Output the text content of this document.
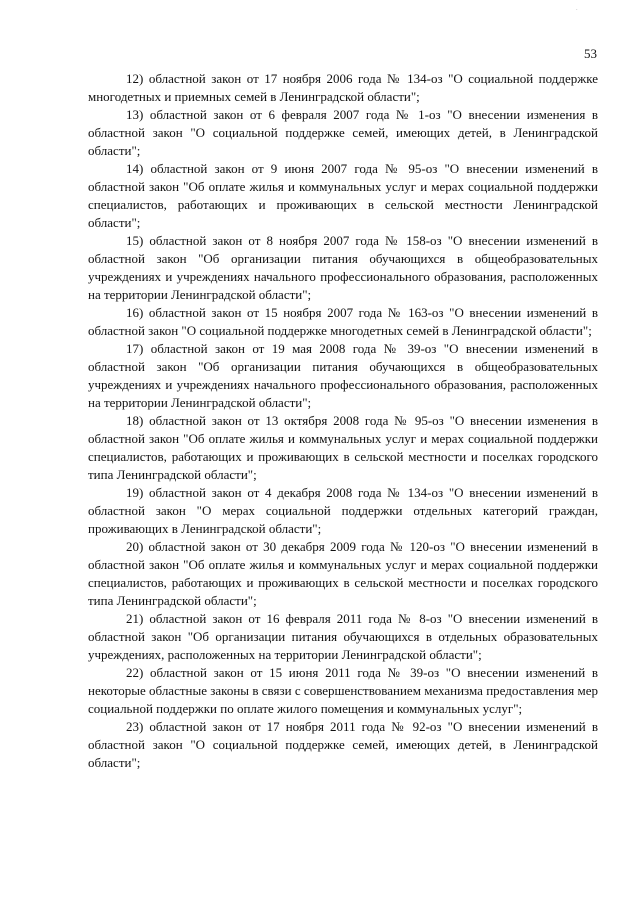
·
53

12) областной закон от 17 ноября 2006 года № 134-оз "О социальной поддержке многодетных и приемных семей в Ленинградской области";

13) областной закон от 6 февраля 2007 года № 1-оз "О внесении изменения в областной закон "О социальной поддержке семей, имеющих детей, в Ленинградской области";

14) областной закон от 9 июня 2007 года № 95-оз "О внесении изменений в областной закон "Об оплате жилья и коммунальных услуг и мерах социальной поддержки специалистов, работающих и проживающих в сельской местности Ленинградской области";

15) областной закон от 8 ноября 2007 года № 158-оз "О внесении изменений в областной закон "Об организации питания обучающихся в общеобразовательных учреждениях и учреждениях начального профессионального образования, расположенных на территории Ленинградской области";

16) областной закон от 15 ноября 2007 года № 163-оз "О внесении изменений в областной закон "О социальной поддержке многодетных семей в Ленинградской области";

17) областной закон от 19 мая 2008 года № 39-оз "О внесении изменений в областной закон "Об организации питания обучающихся в общеобразовательных учреждениях и учреждениях начального профессионального образования, расположенных на территории Ленинградской области";

18) областной закон от 13 октября 2008 года № 95-оз "О внесении изменения в областной закон "Об оплате жилья и коммунальных услуг и мерах социальной поддержки специалистов, работающих и проживающих в сельской местности и поселках городского типа Ленинградской области";

19) областной закон от 4 декабря 2008 года № 134-оз "О внесении изменений в областной закон "О мерах социальной поддержки отдельных категорий граждан, проживающих в Ленинградской области";

20) областной закон от 30 декабря 2009 года № 120-оз "О внесении изменений в областной закон "Об оплате жилья и коммунальных услуг и мерах социальной поддержки специалистов, работающих и проживающих в сельской местности и поселках городского типа Ленинградской области";

21) областной закон от 16 февраля 2011 года № 8-оз "О внесении изменений в областной закон "Об организации питания обучающихся в отдельных образовательных учреждениях, расположенных на территории Ленинградской области";

22) областной закон от 15 июня 2011 года № 39-оз "О внесении изменений в некоторые областные законы в связи с совершенствованием механизма предоставления мер социальной поддержки по оплате жилого помещения и коммунальных услуг";

23) областной закон от 17 ноября 2011 года № 92-оз "О внесении изменений в областной закон "О социальной поддержке семей, имеющих детей, в Ленинградской области";
